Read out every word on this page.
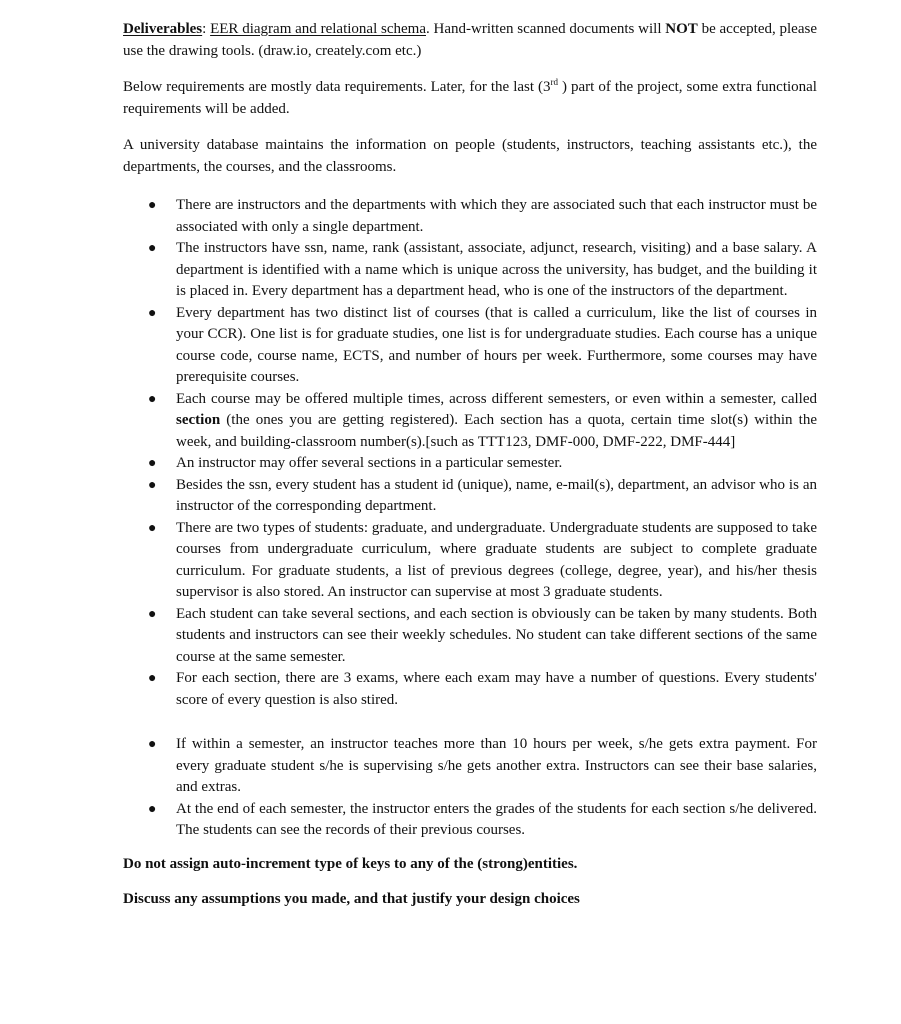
Deliverables: EER diagram and relational schema. Hand-written scanned documents will NOT be accepted, please use the drawing tools. (draw.io, creately.com etc.)

Below requirements are mostly data requirements. Later, for the last (3rd ) part of the project, some extra functional requirements will be added.

A university database maintains the information on people (students, instructors, teaching assistants etc.), the departments, the courses, and the classrooms.

● There are instructors and the departments with which they are associated such that each instructor must be associated with only a single department.
● The instructors have ssn, name, rank (assistant, associate, adjunct, research, visiting) and a base salary. A department is identified with a name which is unique across the university, has budget, and the building it is placed in. Every department has a department head, who is one of the instructors of the department.
● Every department has two distinct list of courses (that is called a curriculum, like the list of courses in your CCR). One list is for graduate studies, one list is for undergraduate studies. Each course has a unique course code, course name, ECTS, and number of hours per week. Furthermore, some courses may have prerequisite courses.
● Each course may be offered multiple times, across different semesters, or even within a semester, called section (the ones you are getting registered). Each section has a quota, certain time slot(s) within the week, and building-classroom number(s).[such as TTT123, DMF-000, DMF-222, DMF-444]
● An instructor may offer several sections in a particular semester.
● Besides the ssn, every student has a student id (unique), name, e-mail(s), department, an advisor who is an instructor of the corresponding department.
● There are two types of students: graduate, and undergraduate. Undergraduate students are supposed to take courses from undergraduate curriculum, where graduate students are subject to complete graduate curriculum. For graduate students, a list of previous degrees (college, degree, year), and his/her thesis supervisor is also stored. An instructor can supervise at most 3 graduate students.
● Each student can take several sections, and each section is obviously can be taken by many students. Both students and instructors can see their weekly schedules. No student can take different sections of the same course at the same semester.
● For each section, there are 3 exams, where each exam may have a number of questions. Every students' score of every question is also stired.
● If within a semester, an instructor teaches more than 10 hours per week, s/he gets extra payment. For every graduate student s/he is supervising s/he gets another extra. Instructors can see their base salaries, and extras.
● At the end of each semester, the instructor enters the grades of the students for each section s/he delivered. The students can see the records of their previous courses.

Do not assign auto-increment type of keys to any of the (strong)entities.

Discuss any assumptions you made, and that justify your design choices
